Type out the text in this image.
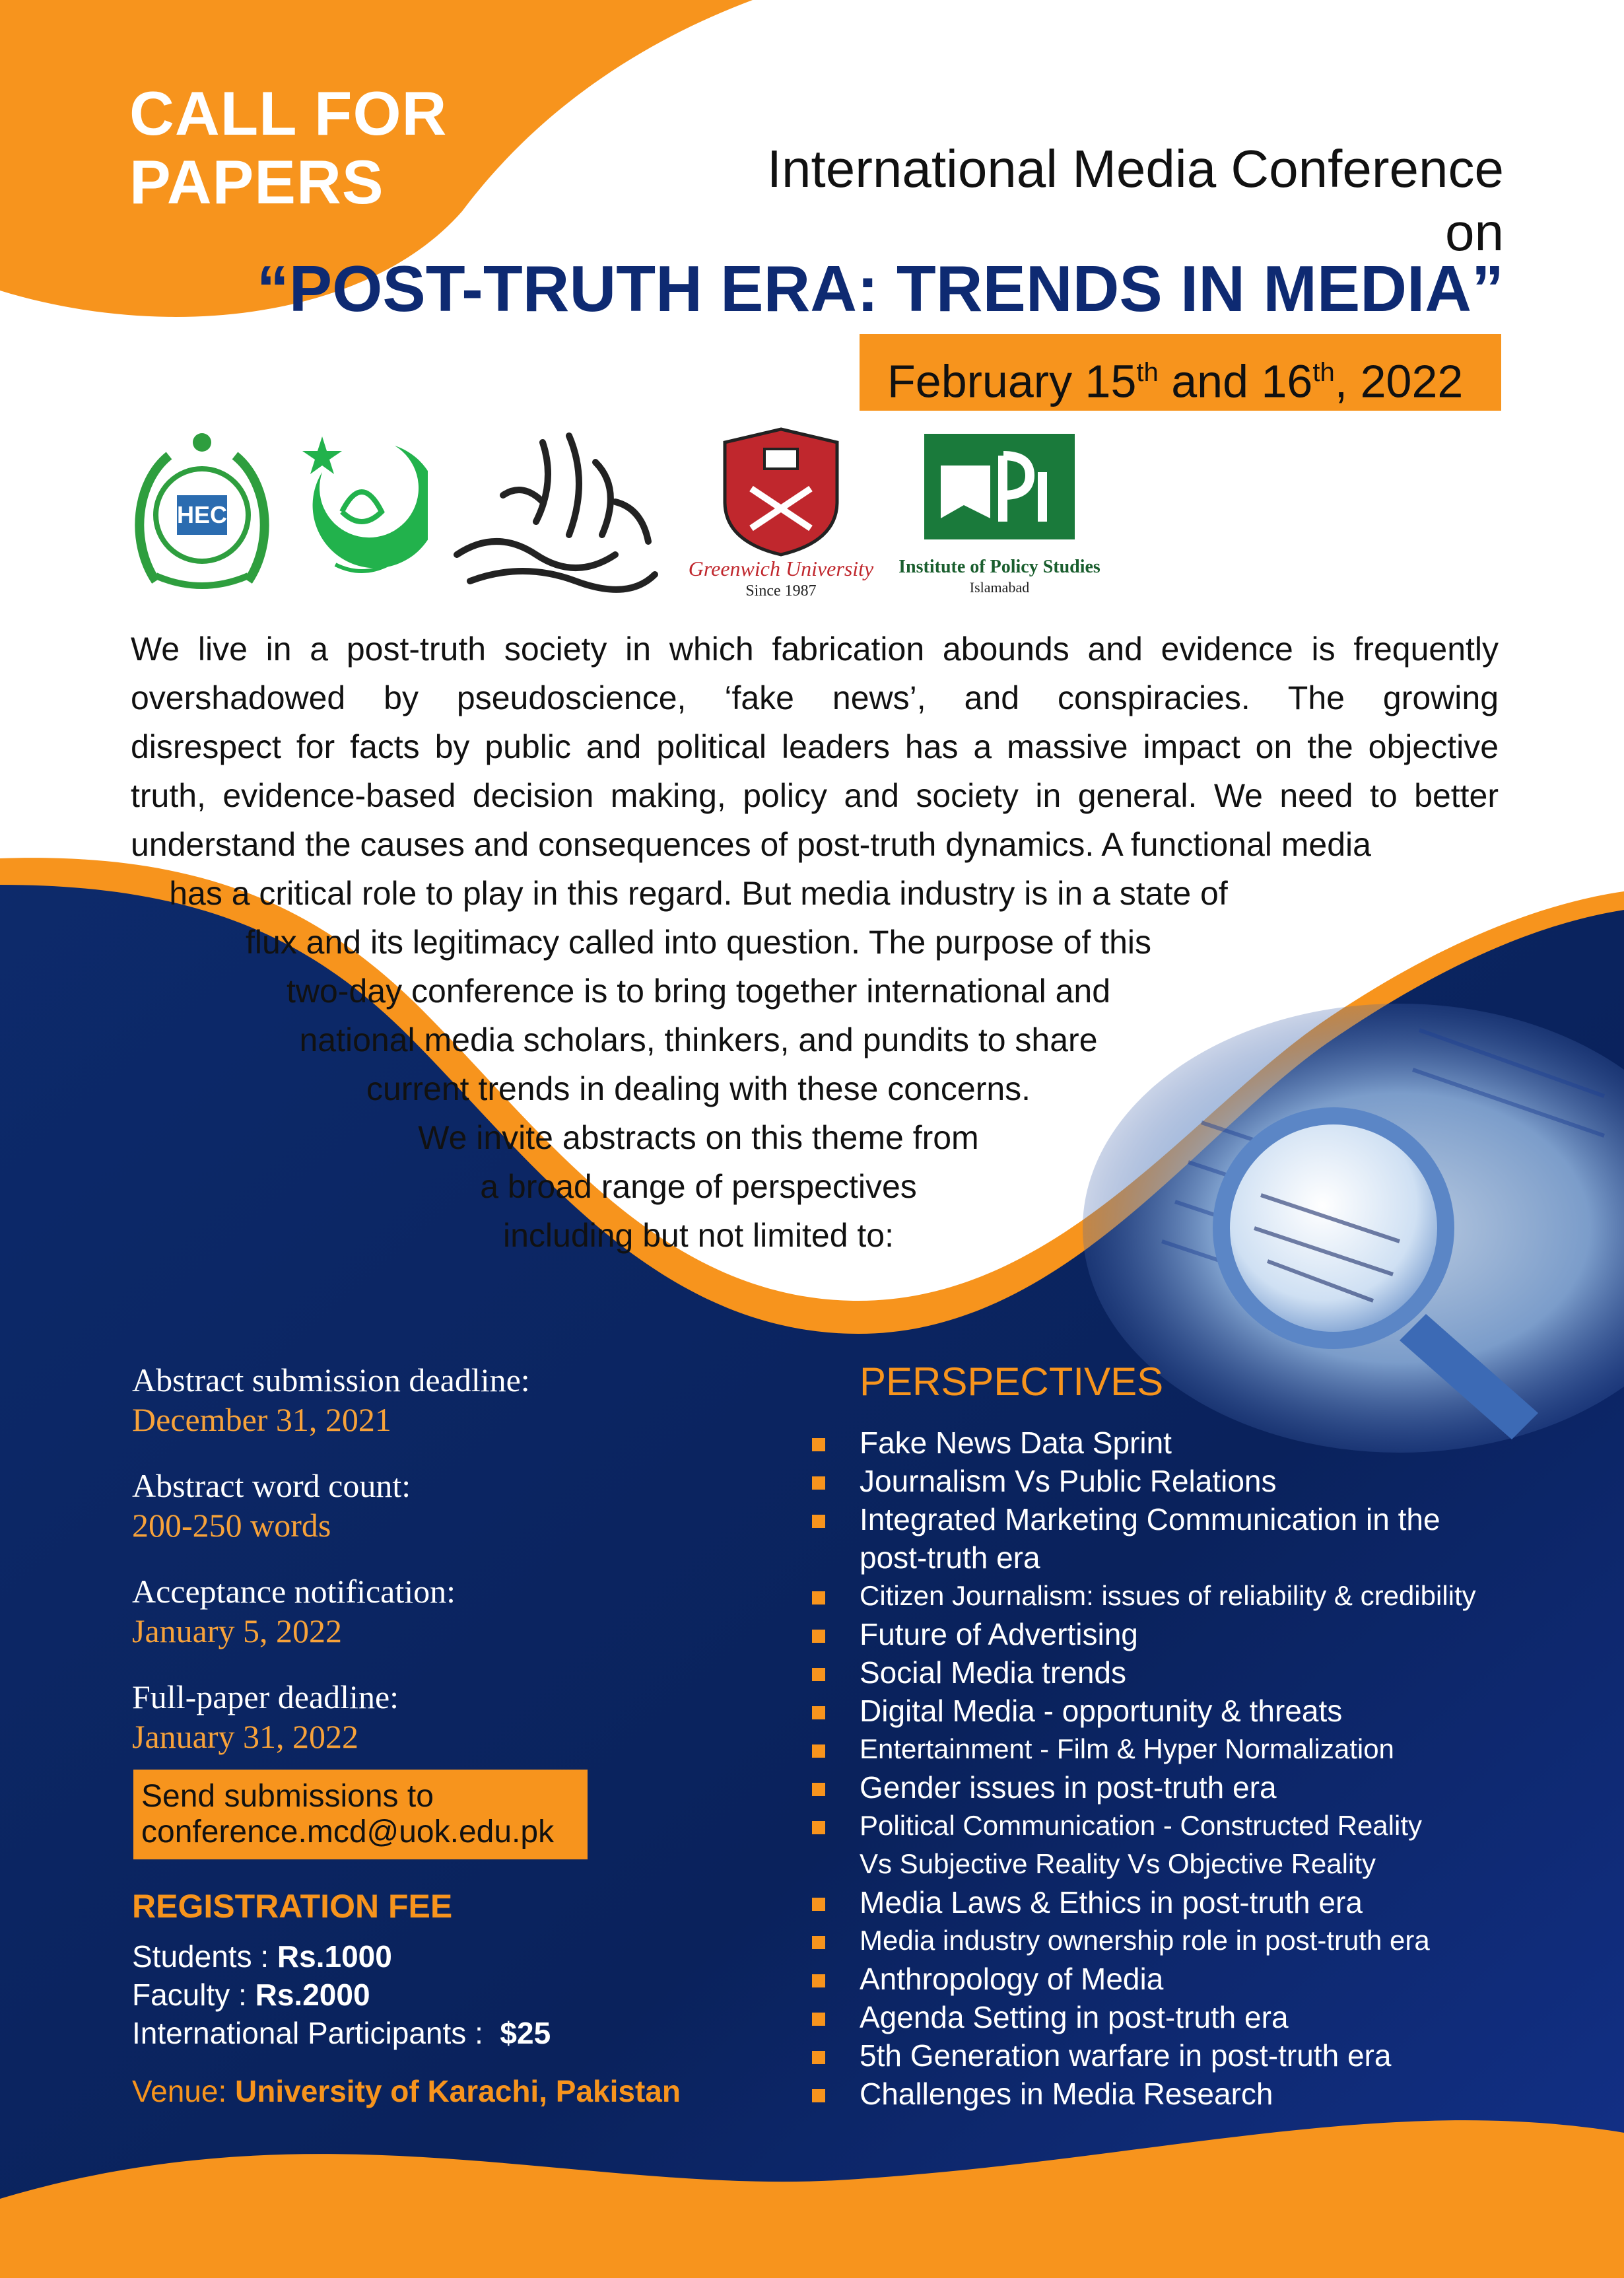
CALL FOR
PAPERS	International Media Conference
on
“POST-TRUTH ERA: TRENDS IN MEDIA”
February 15th and 16th, 2022
HEC
Greenwich University
Since 1987
Institute of Policy Studies
Islamabad

We live in a post-truth society in which fabrication abounds and evidence is frequently

overshadowed by pseudoscience, ‘fake news’, and conspiracies. The growing

disrespect for facts by public and political leaders has a massive impact on the objective

truth, evidence-based decision making, policy and society in general. We need to better

understand the causes and consequences of post-truth dynamics. A functional media

has a critical role to play in this regard. But media industry is in a state of

flux and its legitimacy called into question. The purpose of this

two-day conference is to bring together international and

national media scholars, thinkers, and pundits to share

current trends in dealing with these concerns.

We invite abstracts on this theme from

a broad range of perspectives

including but not limited to:

Abstract submission deadline:
December 31, 2021
Abstract word count:
200-250 words
Acceptance notification:
January 5, 2022
Full-paper deadline:
January 31, 2022
Send submissions to
conference.mcd@uok.edu.pk
REGISTRATION FEE
Students : Rs.1000
Faculty : Rs.2000
International Participants :  $25
Venue: University of Karachi, Pakistan
PERSPECTIVES
Fake News Data Sprint
Journalism Vs Public Relations
Integrated Marketing Communication in the
post-truth era
Citizen Journalism: issues of reliability & credibility
Future of Advertising
Social Media trends
Digital Media - opportunity & threats
Entertainment - Film & Hyper Normalization
Gender issues in post-truth era
Political Communication - Constructed Reality
Vs Subjective Reality Vs Objective Reality
Media Laws & Ethics in post-truth era
Media industry ownership role in post-truth era
Anthropology of Media
Agenda Setting in post-truth era
5th Generation warfare in post-truth era
Challenges in Media Research
